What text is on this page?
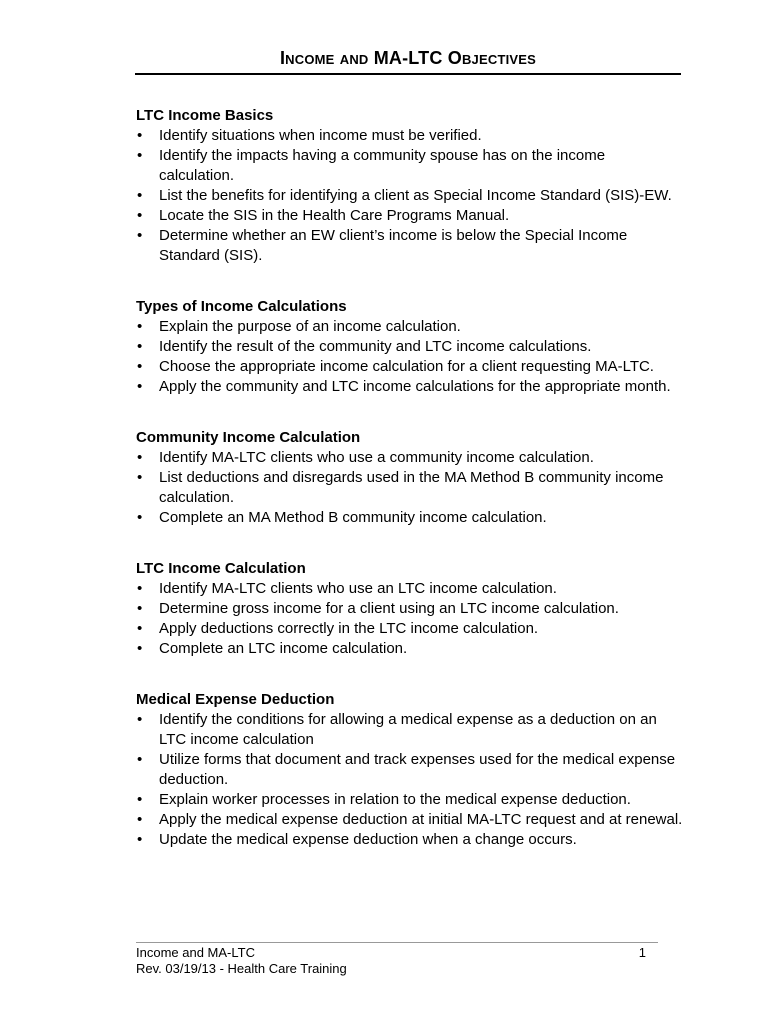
Income and MA-LTC Objectives

LTC Income Basics

• Identify situations when income must be verified.
• Identify the impacts having a community spouse has on the income calculation.
• List the benefits for identifying a client as Special Income Standard (SIS)-EW.
• Locate the SIS in the Health Care Programs Manual.
• Determine whether an EW client’s income is below the Special Income Standard (SIS).

Types of Income Calculations

• Explain the purpose of an income calculation.
• Identify the result of the community and LTC income calculations.
• Choose the appropriate income calculation for a client requesting MA-LTC.
• Apply the community and LTC income calculations for the appropriate month.

Community Income Calculation

• Identify MA-LTC clients who use a community income calculation.
• List deductions and disregards used in the MA Method B community income calculation.
• Complete an MA Method B community income calculation.

LTC Income Calculation

• Identify MA-LTC clients who use an LTC income calculation.
• Determine gross income for a client using an LTC income calculation.
• Apply deductions correctly in the LTC income calculation.
• Complete an LTC income calculation.

Medical Expense Deduction

• Identify the conditions for allowing a medical expense as a deduction on an LTC income calculation
• Utilize forms that document and track expenses used for the medical expense deduction.
• Explain worker processes in relation to the medical expense deduction.
• Apply the medical expense deduction at initial MA-LTC request and at renewal.
• Update the medical expense deduction when a change occurs.
Income and MA-LTC
Rev. 03/19/13 - Health Care Training
1
